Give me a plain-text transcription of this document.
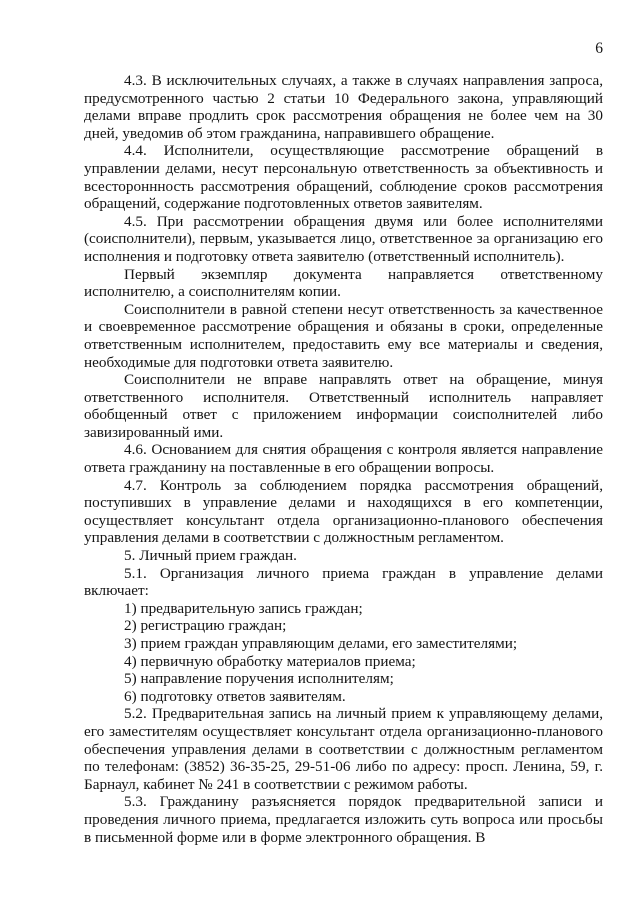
6

4.3. В исключительных случаях, а также в случаях направления запроса, предусмотренного частью 2 статьи 10 Федерального закона, управляющий делами вправе продлить срок рассмотрения обращения не более чем на 30 дней, уведомив об этом гражданина, направившего обращение.

4.4. Исполнители, осуществляющие рассмотрение обращений в управлении делами, несут персональную ответственность за объективность и всестороннность рассмотрения обращений, соблюдение сроков рассмотрения обращений, содержание подготовленных ответов заявителям.

4.5. При рассмотрении обращения двумя или более исполнителями (соисполнители), первым, указывается лицо, ответственное за организацию его исполнения и подготовку ответа заявителю (ответственный исполнитель).

Первый экземпляр документа направляется ответственному исполнителю, а соисполнителям копии.

Соисполнители в равной степени несут ответственность за качественное и своевременное рассмотрение обращения и обязаны в сроки, определенные ответственным исполнителем, предоставить ему все материалы и сведения, необходимые для подготовки ответа заявителю.

Соисполнители не вправе направлять ответ на обращение, минуя ответственного исполнителя. Ответственный исполнитель направляет обобщенный ответ с приложением информации соисполнителей либо завизированный ими.

4.6. Основанием для снятия обращения с контроля является направление ответа гражданину на поставленные в его обращении вопросы.

4.7. Контроль за соблюдением порядка рассмотрения обращений, поступивших в управление делами и находящихся в его компетенции, осуществляет консультант отдела организационно-планового обеспечения управления делами в соответствии с должностным регламентом.

5. Личный прием граждан.

5.1. Организация личного приема граждан в управление делами включает:

1) предварительную запись граждан;

2) регистрацию граждан;

3) прием граждан управляющим делами, его заместителями;

4) первичную обработку материалов приема;

5) направление поручения исполнителям;

6) подготовку ответов заявителям.

5.2. Предварительная запись на личный прием к управляющему делами, его заместителям осуществляет консультант отдела организационно-планового обеспечения управления делами в соответствии с должностным регламентом по телефонам: (3852) 36-35-25, 29-51-06 либо по адресу: просп. Ленина, 59, г. Барнаул, кабинет № 241 в соответствии с режимом работы.

5.3. Гражданину разъясняется порядок предварительной записи и проведения личного приема, предлагается изложить суть вопроса или просьбы в письменной форме или в форме электронного обращения. В
